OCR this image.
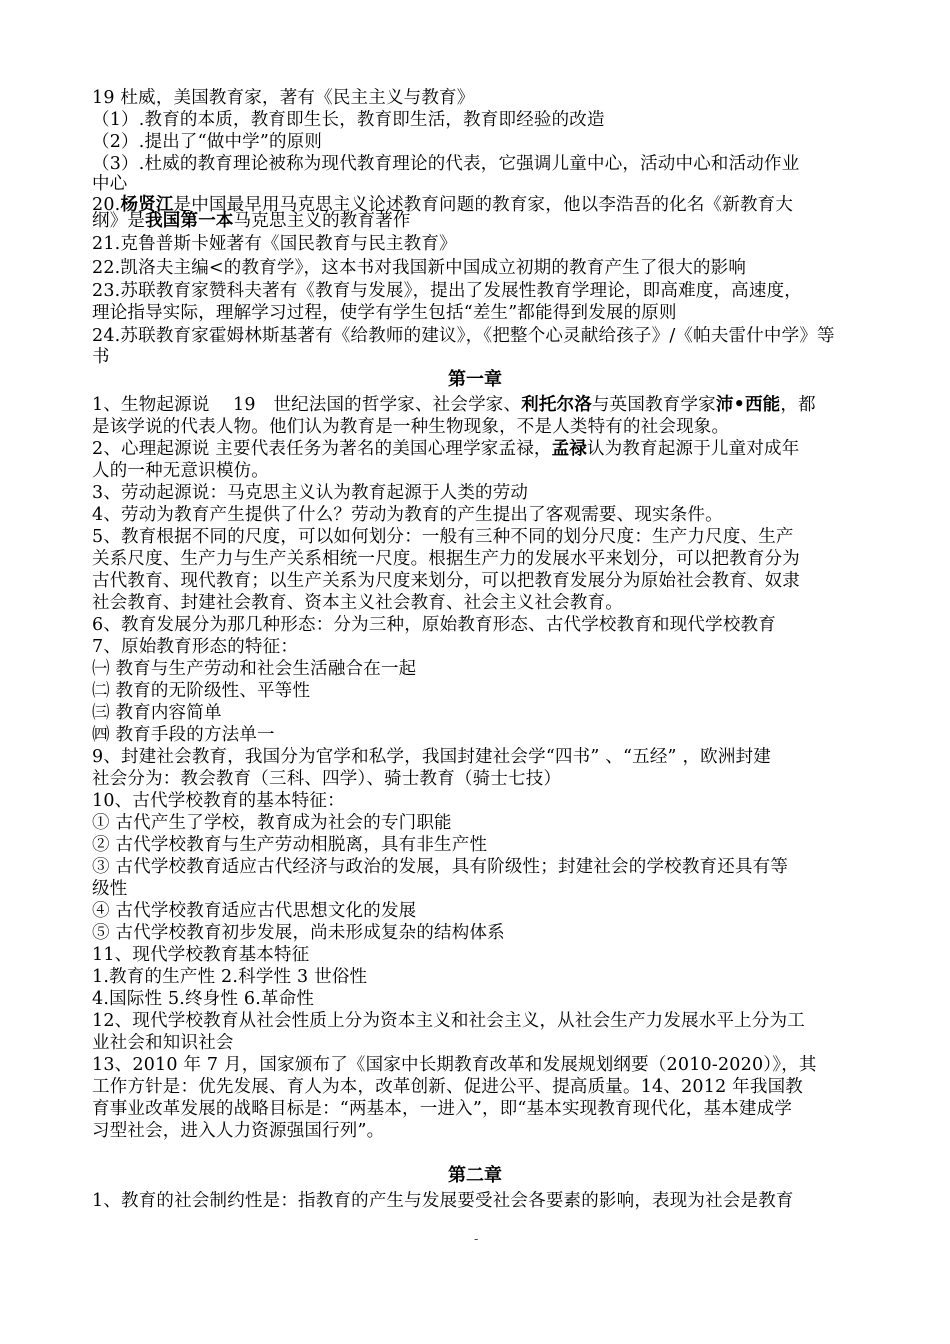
19 杜威，美国教育家，著有《民主主义与教育》

（1）.教育的本质，教育即生长，教育即生活，教育即经验的改造

（2）.提出了“做中学”的原则

（3）.杜威的教育理论被称为现代教育理论的代表，它强调儿童中心，活动中心和活动作业

中心

20.杨贤江是中国最早用马克思主义论述教育问题的教育家，他以李浩吾的化名《新教育大

纲》是我国第一本马克思主义的教育著作

21.克鲁普斯卡娅著有《国民教育与民主教育》

22.凯洛夫主编<的教育学》，这本书对我国新中国成立初期的教育产生了很大的影响

23.苏联教育家赞科夫著有《教育与发展》，提出了发展性教育学理论，即高难度，高速度，

理论指导实际，理解学习过程，使学有学生包括“差生”都能得到发展的原则

24.苏联教育家霍姆林斯基著有《给教师的建议》，《把整个心灵献给孩子》/《帕夫雷什中学》等

书

第一章

1、生物起源说　 19　世纪法国的哲学家、社会学家、利托尔洛与英国教育学家沛•西能，都

是该学说的代表人物。他们认为教育是一种生物现象，不是人类特有的社会现象。

2、心理起源说 主要代表任务为著名的美国心理学家孟禄，孟禄认为教育起源于儿童对成年

人的一种无意识模仿。

3、劳动起源说：马克思主义认为教育起源于人类的劳动

4、劳动为教育产生提供了什么？劳动为教育的产生提出了客观需要、现实条件。

5、教育根据不同的尺度，可以如何划分：一般有三种不同的划分尺度：生产力尺度、生产

关系尺度、生产力与生产关系相统一尺度。根据生产力的发展水平来划分，可以把教育分为

古代教育、现代教育；以生产关系为尺度来划分，可以把教育发展分为原始社会教育、奴隶

社会教育、封建社会教育、资本主义社会教育、社会主义社会教育。

6、教育发展分为那几种形态：分为三种，原始教育形态、古代学校教育和现代学校教育

7、原始教育形态的特征：

㈠ 教育与生产劳动和社会生活融合在一起

㈡ 教育的无阶级性、平等性

㈢ 教育内容简单

㈣ 教育手段的方法单一

9、封建社会教育，我国分为官学和私学，我国封建社会学“四书” 、“五经” ，欧洲封建

社会分为：教会教育（三科、四学）、骑士教育（骑士七技）

10、古代学校教育的基本特征：

① 古代产生了学校，教育成为社会的专门职能

② 古代学校教育与生产劳动相脱离，具有非生产性

③ 古代学校教育适应古代经济与政治的发展，具有阶级性；封建社会的学校教育还具有等

级性

④ 古代学校教育适应古代思想文化的发展

⑤ 古代学校教育初步发展，尚未形成复杂的结构体系

11、现代学校教育基本特征

1.教育的生产性 2.科学性 3 世俗性

4.国际性 5.终身性 6.革命性

12、现代学校教育从社会性质上分为资本主义和社会主义，从社会生产力发展水平上分为工

业社会和知识社会

13、2010 年 7 月，国家颁布了《国家中长期教育改革和发展规划纲要（2010-2020）》，其

工作方针是：优先发展、育人为本，改革创新、促进公平、提高质量。14、2012 年我国教

育事业改革发展的战略目标是：“两基本，一进入”，即“基本实现教育现代化，基本建成学

习型社会，进入人力资源强国行列”。

第二章

1、教育的社会制约性是：指教育的产生与发展要受社会各要素的影响，表现为社会是教育

-
